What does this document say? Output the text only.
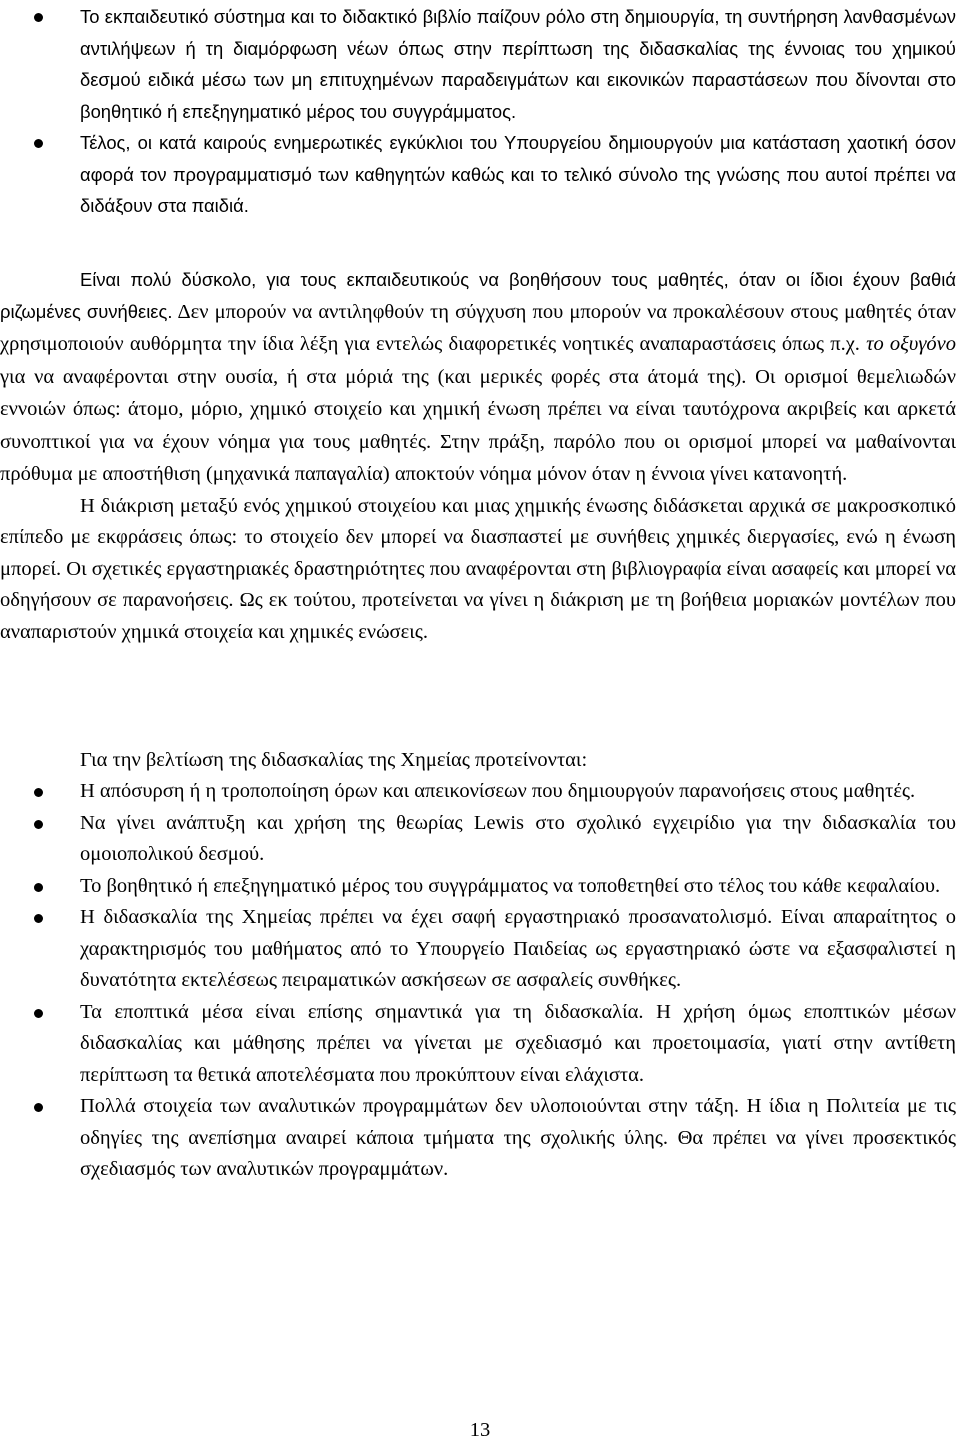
Το εκπαιδευτικό σύστημα και το διδακτικό βιβλίο παίζουν ρόλο στη δημιουργία, τη συντήρηση λανθασμένων αντιλήψεων ή τη διαμόρφωση νέων όπως στην περίπτωση της διδασκαλίας της έννοιας του χημικού δεσμού ειδικά μέσω των μη επιτυχημένων παραδειγμάτων και εικονικών παραστάσεων που δίνονται στο βοηθητικό ή επεξηγηματικό μέρος του συγγράμματος.
Τέλος, οι κατά καιρούς ενημερωτικές εγκύκλιοι του Υπουργείου δημιουργούν μια κατάσταση χαοτική όσον αφορά τον προγραμματισμό των καθηγητών καθώς και το τελικό σύνολο της γνώσης που αυτοί πρέπει να διδάξουν στα παιδιά.

Είναι πολύ δύσκολο, για τους εκπαιδευτικούς να βοηθήσουν τους μαθητές, όταν οι ίδιοι έχουν βαθιά ριζωμένες συνήθειες. Δεν μπορούν να αντιληφθούν τη σύγχυση που μπορούν να προκαλέσουν στους μαθητές όταν χρησιμοποιούν αυθόρμητα την ίδια λέξη για εντελώς διαφορετικές νοητικές αναπαραστάσεις όπως π.χ. το οξυγόνο για να αναφέρονται στην ουσία, ή στα μόριά της (και μερικές φορές στα άτομά της). Οι ορισμοί θεμελιωδών εννοιών όπως: άτομο, μόριο, χημικό στοιχείο και χημική ένωση πρέπει να είναι ταυτόχρονα ακριβείς και αρκετά συνοπτικοί για να έχουν νόημα για τους μαθητές. Στην πράξη, παρόλο που οι ορισμοί μπορεί να μαθαίνονται πρόθυμα με αποστήθιση (μηχανικά παπαγαλία) αποκτούν νόημα μόνον όταν η έννοια γίνει κατανοητή.

Η διάκριση μεταξύ ενός χημικού στοιχείου και μιας χημικής ένωσης διδάσκεται αρχικά σε μακροσκοπικό επίπεδο με εκφράσεις όπως: το στοιχείο δεν μπορεί να διασπαστεί με συνήθεις χημικές διεργασίες, ενώ η ένωση μπορεί. Οι σχετικές εργαστηριακές δραστηριότητες που αναφέρονται στη βιβλιογραφία είναι ασαφείς και μπορεί να οδηγήσουν σε παρανοήσεις. Ως εκ τούτου, προτείνεται να γίνει η διάκριση με τη βοήθεια μοριακών μοντέλων που αναπαριστούν χημικά στοιχεία και χημικές ενώσεις.

Για την βελτίωση της διδασκαλίας της Χημείας προτείνονται:

Η απόσυρση ή η τροποποίηση όρων και απεικονίσεων που δημιουργούν παρανοήσεις στους μαθητές.
Να γίνει ανάπτυξη και χρήση της θεωρίας Lewis στο σχολικό εγχειρίδιο για την διδασκαλία του ομοιοπολικού δεσμού.
Το βοηθητικό ή επεξηγηματικό μέρος του συγγράμματος να τοποθετηθεί στο τέλος του κάθε κεφαλαίου.
Η διδασκαλία της Χημείας πρέπει να έχει σαφή εργαστηριακό προσανατολισμό. Είναι απαραίτητος ο χαρακτηρισμός του μαθήματος από το Υπουργείο Παιδείας ως εργαστηριακό ώστε να εξασφαλιστεί η δυνατότητα εκτελέσεως πειραματικών ασκήσεων σε ασφαλείς συνθήκες.
Τα εποπτικά μέσα είναι επίσης σημαντικά για τη διδασκαλία. Η χρήση όμως εποπτικών μέσων διδασκαλίας και μάθησης πρέπει να γίνεται με σχεδιασμό και προετοιμασία, γιατί στην αντίθετη περίπτωση τα θετικά αποτελέσματα που προκύπτουν είναι ελάχιστα.
Πολλά στοιχεία των αναλυτικών προγραμμάτων δεν υλοποιούνται στην τάξη. Η ίδια η Πολιτεία με τις οδηγίες της ανεπίσημα αναιρεί κάποια τμήματα της σχολικής ύλης. Θα πρέπει να γίνει προσεκτικός σχεδιασμός των αναλυτικών προγραμμάτων.
13
